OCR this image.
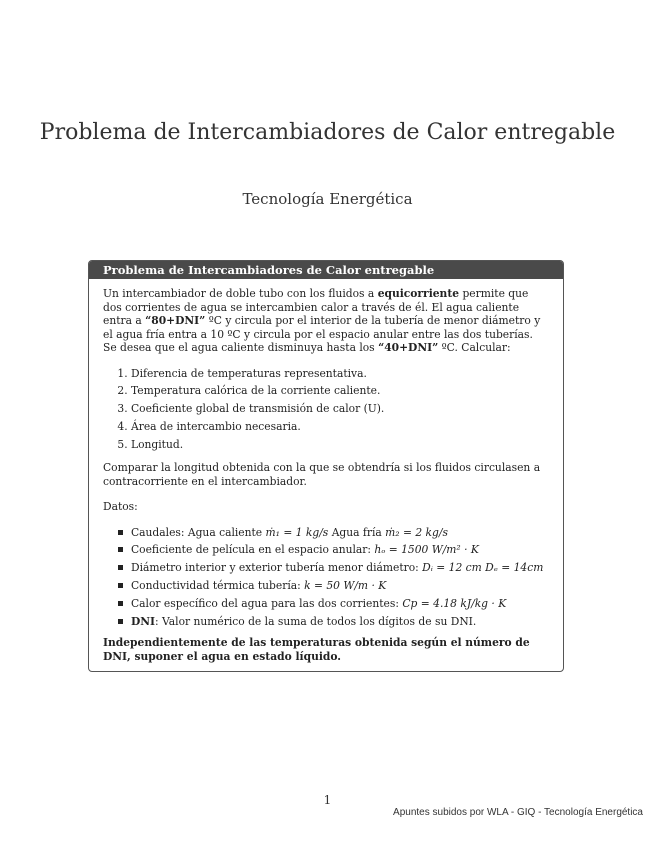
Problema de Intercambiadores de Calor entregable
Tecnología Energética
Problema de Intercambiadores de Calor entregable

Un intercambiador de doble tubo con los fluidos a equicorriente permite que dos corrientes de agua se intercambien calor a través de él. El agua caliente entra a “80+DNI” ºC y circula por el interior de la tubería de menor diámetro y el agua fría entra a 10 ºC y circula por el espacio anular entre las dos tuberías. Se desea que el agua caliente disminuya hasta los “40+DNI” ºC. Calcular:

1. Diferencia de temperaturas representativa.
2. Temperatura calórica de la corriente caliente.
3. Coeficiente global de transmisión de calor (U).
4. Área de intercambio necesaria.
5. Longitud.

Comparar la longitud obtenida con la que se obtendría si los fluidos circulasen a contracorriente en el intercambiador.

Datos:

Caudales: Agua caliente ṁ₁ = 1 kg/s Agua fría ṁ₂ = 2 kg/s
Coeficiente de película en el espacio anular: hₒ = 1500 W/m² · K
Diámetro interior y exterior tubería menor diámetro: Dᵢ = 12 cm Dₑ = 14cm
Conductividad térmica tubería: k = 50 W/m · K
Calor específico del agua para las dos corrientes: Cp = 4.18 kJ/kg · K
DNI: Valor numérico de la suma de todos los dígitos de su DNI.

Independientemente de las temperaturas obtenida según el número de DNI, suponer el agua en estado líquido.

1
Apuntes subidos por WLA - GIQ - Tecnología Energética
